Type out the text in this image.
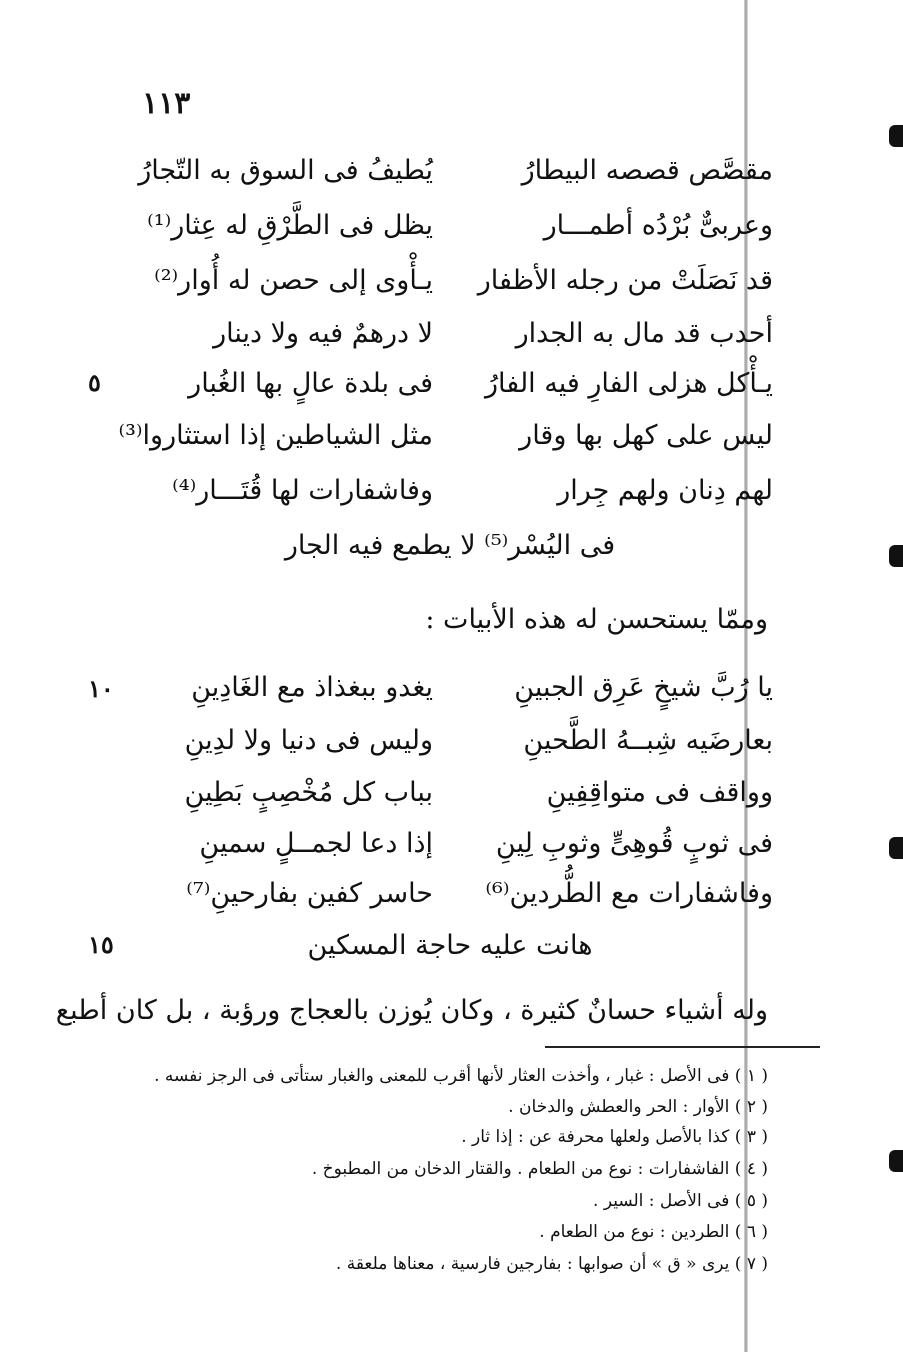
١١٣
مقصَّص قصصه البيطارُ
يُطيفُ فى السوق به التّجارُ
وعربىٌّ بُرْدُه أطمـــار
يظل فى الطَّرْقِ له عِثار⁽¹⁾
قد نَصَلَتْ من رجله الأظفار
يـأْوى إلى حصن له أُوار⁽²⁾
أحدب قد مال به الجدار
لا درهمٌ فيه ولا دينار
يـأْكل هزلى الفارِ فيه الفارُ
فى بلدة عالٍ بها الغُبار
ليس على كهل بها وقار
مثل الشياطين إذا استثاروا⁽³⁾
لهم دِنان ولهم جِرار
وفاشفارات لها قُتَـــار⁽⁴⁾
فى اليُسْر⁽⁵⁾ لا يطمع فيه الجار
٥
وممّا يستحسن له هذه الأبيات :
يا رُبَّ شيخٍ عَرِق الجبينِ
يغدو ببغذاذ مع الغَادِينِ
بعارضَيه شِبــهُ الطَّحينِ
وليس فى دنيا ولا لدِينِ
وواقف فى متواقِفِينِ
بباب كل مُخْصِبٍ بَطِينِ
فى ثوبٍ قُوهِىٍّ وثوبِ لِينِ
إذا دعا لجمــلٍ سمينِ
وفاشفارات مع الطُّردين⁽⁶⁾
حاسر كفين بفارحينِ⁽⁷⁾
هانت عليه حاجة المسكين
١٠
١٥
وله أشياء حسانٌ كثيرة ، وكان يُوزن بالعجاج ورؤبة ، بل كان أطبع
( ١ ) فى الأصل : غبار ، وأخذت العثار لأنها أقرب للمعنى والغبار ستأتى فى الرجز نفسه .
( ٢ ) الأوار : الحر والعطش والدخان .
( ٣ ) كذا بالأصل ولعلها محرفة عن : إذا ثار .
( ٤ ) الفاشفارات : نوع من الطعام . والقتار الدخان من المطبوخ .
( ٥ ) فى الأصل : السير .
( ٦ ) الطردين : نوع من الطعام .
( ٧ ) يرى « ق » أن صوابها : بفارجين فارسية ، معناها ملعقة .
